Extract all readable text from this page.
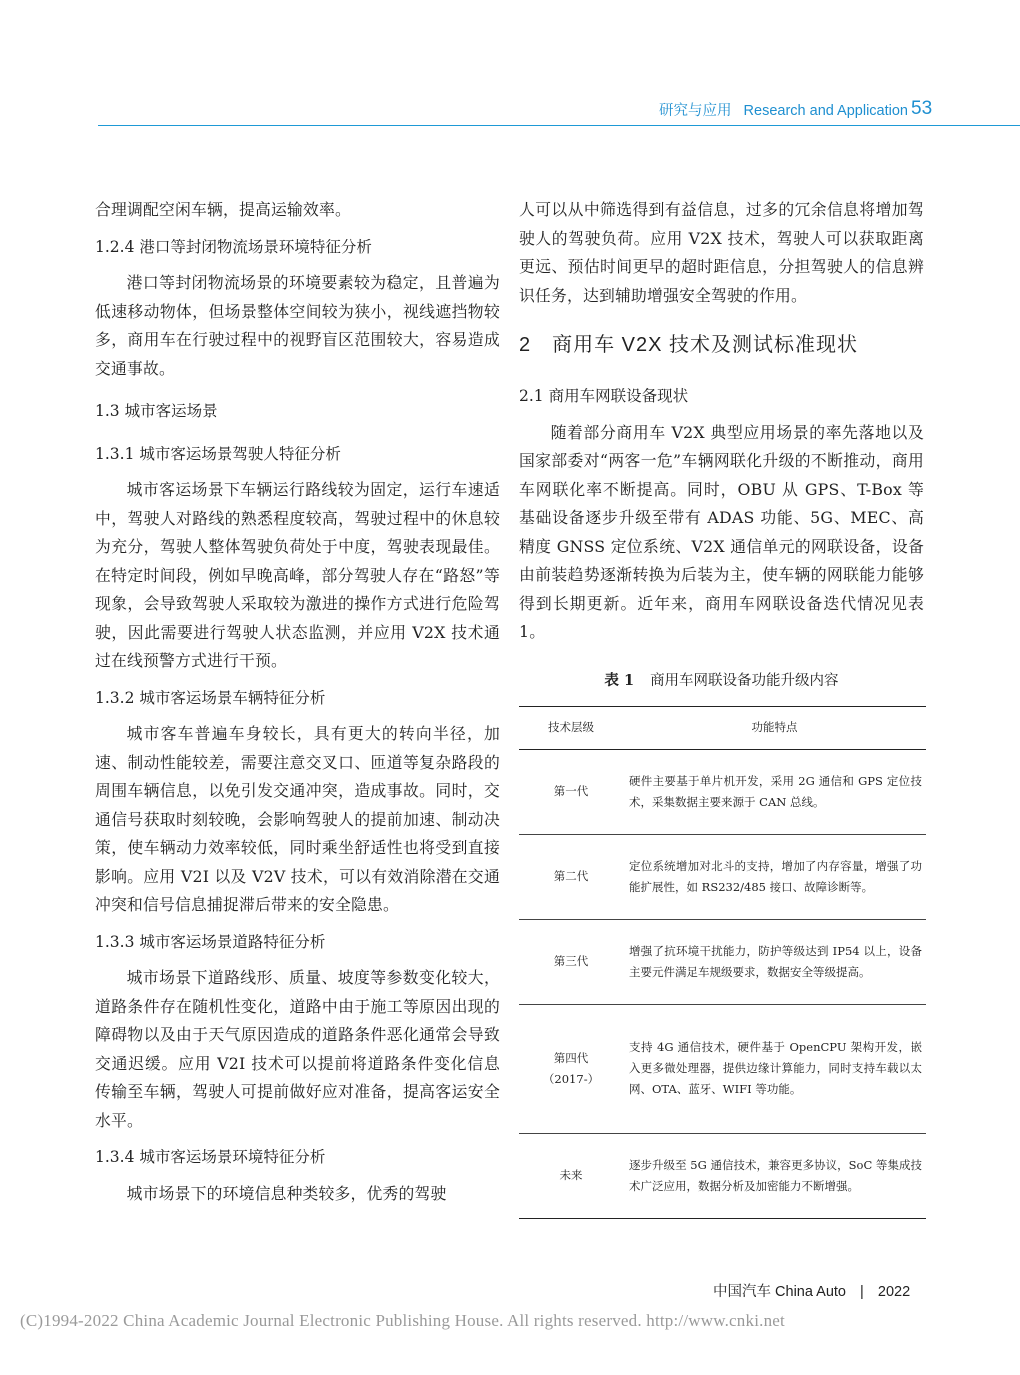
研究与应用 Research and Application 53

合理调配空闲车辆，提高运输效率。

1.2.4 港口等封闭物流场景环境特征分析

港口等封闭物流场景的环境要素较为稳定，且普遍为低速移动物体，但场景整体空间较为狭小，视线遮挡物较多，商用车在行驶过程中的视野盲区范围较大，容易造成交通事故。

1.3 城市客运场景

1.3.1 城市客运场景驾驶人特征分析

城市客运场景下车辆运行路线较为固定，运行车速适中，驾驶人对路线的熟悉程度较高，驾驶过程中的休息较为充分，驾驶人整体驾驶负荷处于中度，驾驶表现最佳。在特定时间段，例如早晚高峰，部分驾驶人存在“路怒”等现象，会导致驾驶人采取较为激进的操作方式进行危险驾驶，因此需要进行驾驶人状态监测，并应用 V2X 技术通过在线预警方式进行干预。

1.3.2 城市客运场景车辆特征分析

城市客车普遍车身较长，具有更大的转向半径，加速、制动性能较差，需要注意交叉口、匝道等复杂路段的周围车辆信息，以免引发交通冲突，造成事故。同时，交通信号获取时刻较晚，会影响驾驶人的提前加速、制动决策，使车辆动力效率较低，同时乘坐舒适性也将受到直接影响。应用 V2I 以及 V2V 技术，可以有效消除潜在交通冲突和信号信息捕捉滞后带来的安全隐患。

1.3.3 城市客运场景道路特征分析

城市场景下道路线形、质量、坡度等参数变化较大，道路条件存在随机性变化，道路中由于施工等原因出现的障碍物以及由于天气原因造成的道路条件恶化通常会导致交通迟缓。应用 V2I 技术可以提前将道路条件变化信息传输至车辆，驾驶人可提前做好应对准备，提高客运安全水平。

1.3.4 城市客运场景环境特征分析

城市场景下的环境信息种类较多，优秀的驾驶

人可以从中筛选得到有益信息，过多的冗余信息将增加驾驶人的驾驶负荷。应用 V2X 技术，驾驶人可以获取距离更远、预估时间更早的超时距信息，分担驾驶人的信息辨识任务，达到辅助增强安全驾驶的作用。

2　商用车 V2X 技术及测试标准现状

2.1 商用车网联设备现状

随着部分商用车 V2X 典型应用场景的率先落地以及国家部委对“两客一危”车辆网联化升级的不断推动，商用车网联化率不断提高。同时，OBU 从 GPS、T-Box 等基础设备逐步升级至带有 ADAS 功能、5G、MEC、高精度 GNSS 定位系统、V2X 通信单元的网联设备，设备由前装趋势逐渐转换为后装为主，使车辆的网联能力能够得到长期更新。近年来，商用车网联设备迭代情况见表 1。

表 1 商用车网联设备功能升级内容

技术层级	功能特点
第一代	硬件主要基于单片机开发，采用 2G 通信和 GPS 定位技术，采集数据主要来源于 CAN 总线。
第二代	定位系统增加对北斗的支持，增加了内存容量，增强了功能扩展性，如 RS232/485 接口、故障诊断等。
第三代	增强了抗环境干扰能力，防护等级达到 IP54 以上，设备主要元件满足车规级要求，数据安全等级提高。

第四代
（2017-）	支持 4G 通信技术，硬件基于 OpenCPU 架构开发，嵌入更多微处理器，提供边缘计算能力，同时支持车载以太网、OTA、蓝牙、WIFI 等功能。
未来	逐步升级至 5G 通信技术，兼容更多协议，SoC 等集成技术广泛应用，数据分析及加密能力不断增强。
中国汽车 China Auto | 2022
(C)1994-2022 China Academic Journal Electronic Publishing House. All rights reserved. http://www.cnki.net
